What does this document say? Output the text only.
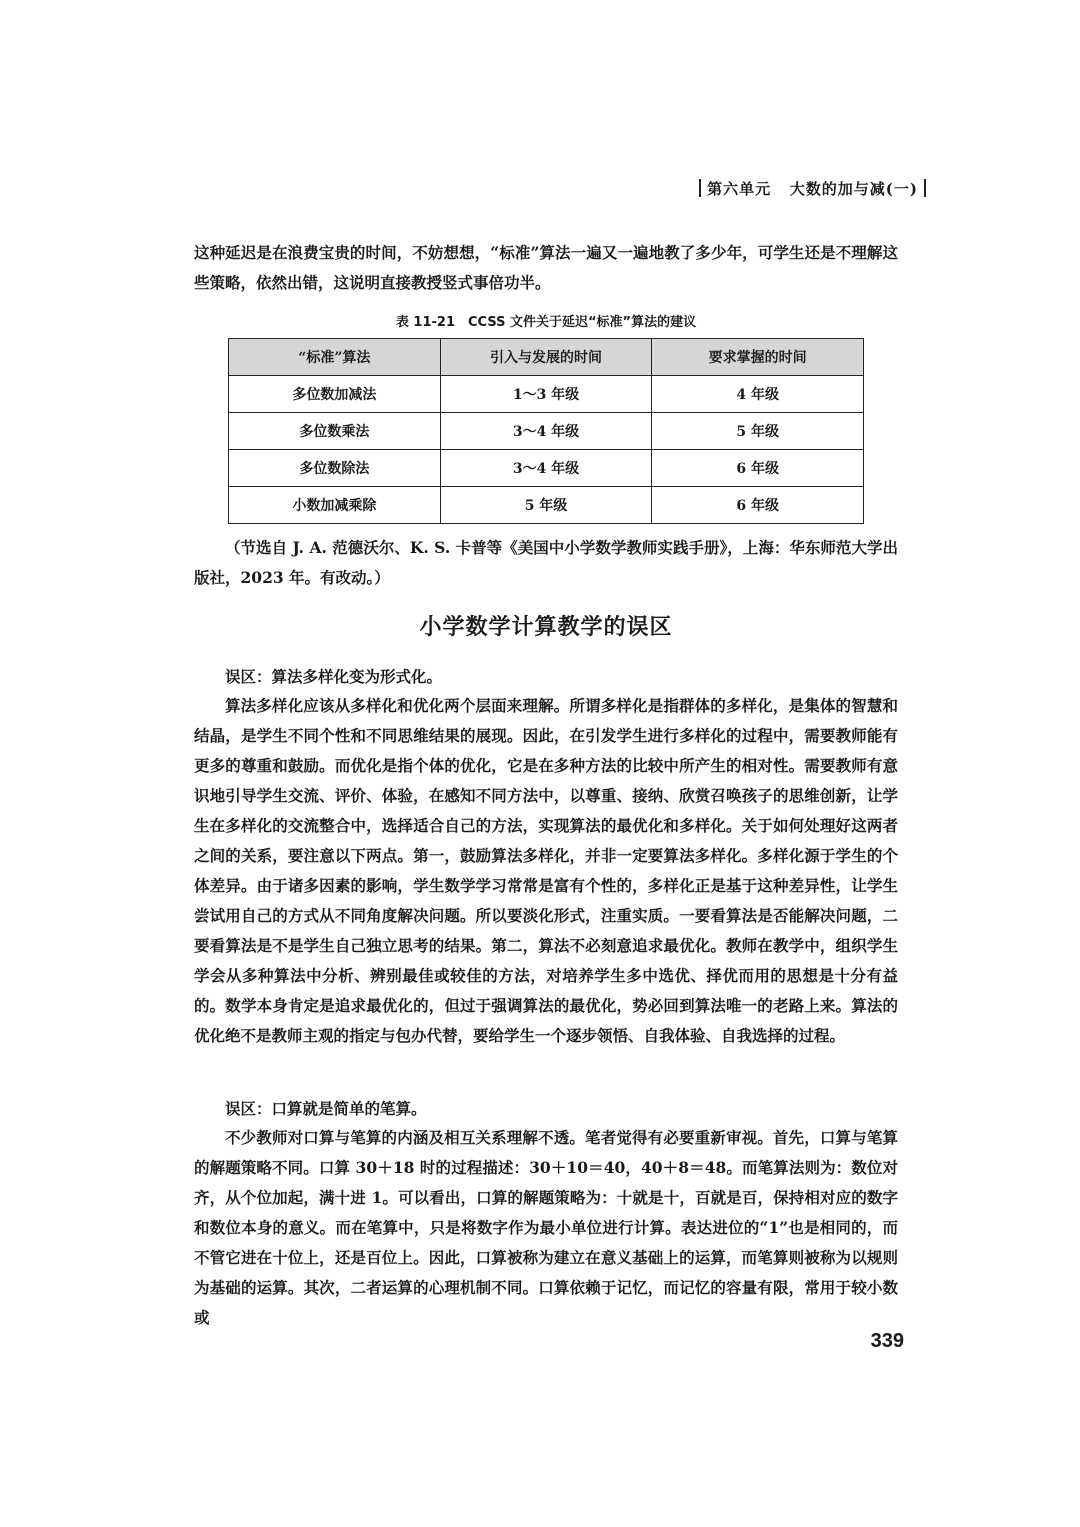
第六单元 大数的加与减(一)

这种延迟是在浪费宝贵的时间，不妨想想，“标准”算法一遍又一遍地教了多少年，可学生还是不理解这些策略，依然出错，这说明直接教授竖式事倍功半。

表 11-21　CCSS 文件关于延迟“标准”算法的建议
“标准”算法	引入与发展的时间	要求掌握的时间
多位数加减法	1～3 年级	4 年级
多位数乘法	3～4 年级	5 年级
多位数除法	3～4 年级	6 年级
小数加减乘除	5 年级	6 年级

（节选自 J. A. 范德沃尔、K. S. 卡普等《美国中小学数学教师实践手册》，上海：华东师范大学出版社，2023 年。有改动。）

小学数学计算教学的误区

误区：算法多样化变为形式化。

算法多样化应该从多样化和优化两个层面来理解。所谓多样化是指群体的多样化，是集体的智慧和结晶，是学生不同个性和不同思维结果的展现。因此，在引发学生进行多样化的过程中，需要教师能有更多的尊重和鼓励。而优化是指个体的优化，它是在多种方法的比较中所产生的相对性。需要教师有意识地引导学生交流、评价、体验，在感知不同方法中，以尊重、接纳、欣赏召唤孩子的思维创新，让学生在多样化的交流整合中，选择适合自己的方法，实现算法的最优化和多样化。关于如何处理好这两者之间的关系，要注意以下两点。第一，鼓励算法多样化，并非一定要算法多样化。多样化源于学生的个体差异。由于诸多因素的影响，学生数学学习常常是富有个性的，多样化正是基于这种差异性，让学生尝试用自己的方式从不同角度解决问题。所以要淡化形式，注重实质。一要看算法是否能解决问题，二要看算法是不是学生自己独立思考的结果。第二，算法不必刻意追求最优化。教师在教学中，组织学生学会从多种算法中分析、辨别最佳或较佳的方法，对培养学生多中选优、择优而用的思想是十分有益的。数学本身肯定是追求最优化的，但过于强调算法的最优化，势必回到算法唯一的老路上来。算法的优化绝不是教师主观的指定与包办代替，要给学生一个逐步领悟、自我体验、自我选择的过程。

误区：口算就是简单的笔算。

不少教师对口算与笔算的内涵及相互关系理解不透。笔者觉得有必要重新审视。首先，口算与笔算的解题策略不同。口算 30＋18 时的过程描述：30＋10＝40，40＋8＝48。而笔算法则为：数位对齐，从个位加起，满十进 1。可以看出，口算的解题策略为：十就是十，百就是百，保持相对应的数字和数位本身的意义。而在笔算中，只是将数字作为最小单位进行计算。表达进位的“1”也是相同的，而不管它进在十位上，还是百位上。因此，口算被称为建立在意义基础上的运算，而笔算则被称为以规则为基础的运算。其次，二者运算的心理机制不同。口算依赖于记忆，而记忆的容量有限，常用于较小数或

339
